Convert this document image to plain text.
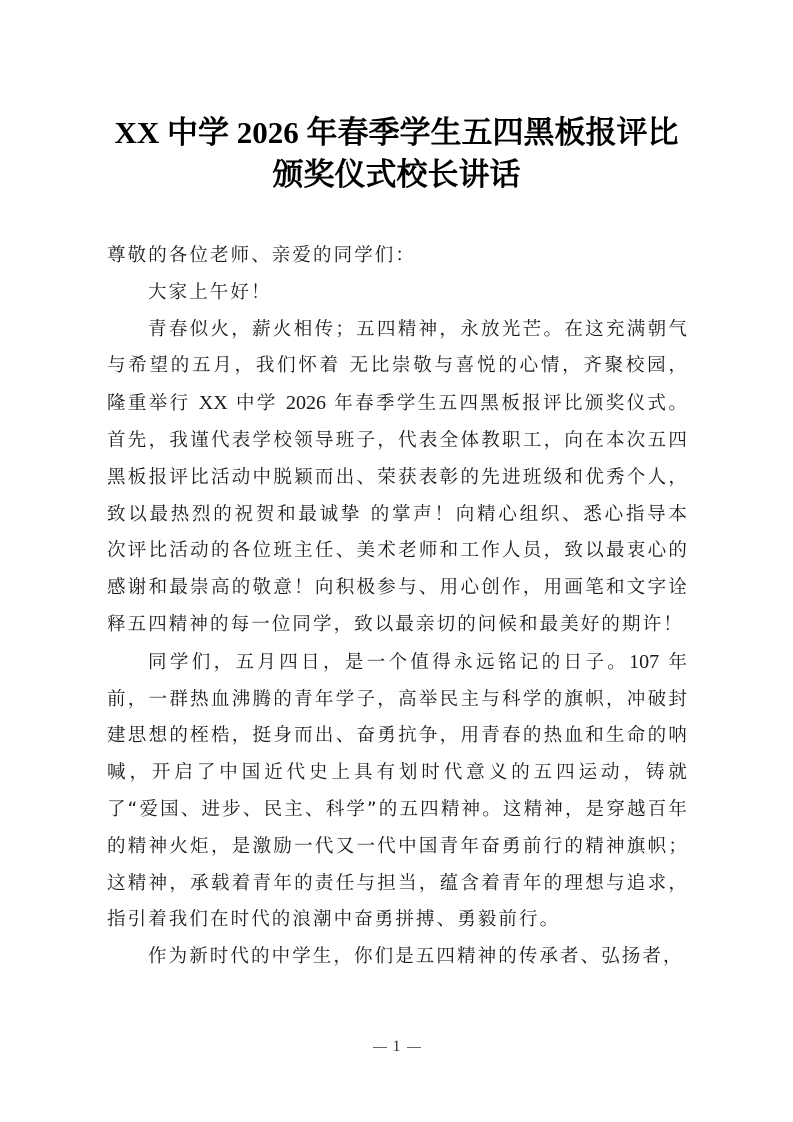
XX 中学 2026 年春季学生五四黑板报评比
颁奖仪式校长讲话

尊敬的各位老师、亲爱的同学们：

大家上午好！

青春似火，薪火相传；五四精神，永放光芒。在这充满朝气与希望的五月，我们怀着 无比崇敬与喜悦的心情，齐聚校园，隆重举行 XX 中学 2026 年春季学生五四黑板报评比颁奖仪式。首先，我谨代表学校领导班子，代表全体教职工，向在本次五四黑板报评比活动中脱颖而出、荣获表彰的先进班级和优秀个人，致以最热烈的祝贺和最诚挚 的掌声！向精心组织、悉心指导本次评比活动的各位班主任、美术老师和工作人员，致以最衷心的感谢和最崇高的敬意！向积极参与、用心创作，用画笔和文字诠释五四精神的每一位同学，致以最亲切的问候和最美好的期许！

同学们，五月四日，是一个值得永远铭记的日子。107 年前，一群热血沸腾的青年学子，高举民主与科学的旗帜，冲破封建思想的桎梏，挺身而出、奋勇抗争，用青春的热血和生命的呐喊，开启了中国近代史上具有划时代意义的五四运动，铸就了“爱国、进步、民主、科学”的五四精神。这精神，是穿越百年的精神火炬，是激励一代又一代中国青年奋勇前行的精神旗帜；这精神，承载着青年的责任与担当，蕴含着青年的理想与追求，指引着我们在时代的浪潮中奋勇拼搏、勇毅前行。

作为新时代的中学生，你们是五四精神的传承者、弘扬者，

1
